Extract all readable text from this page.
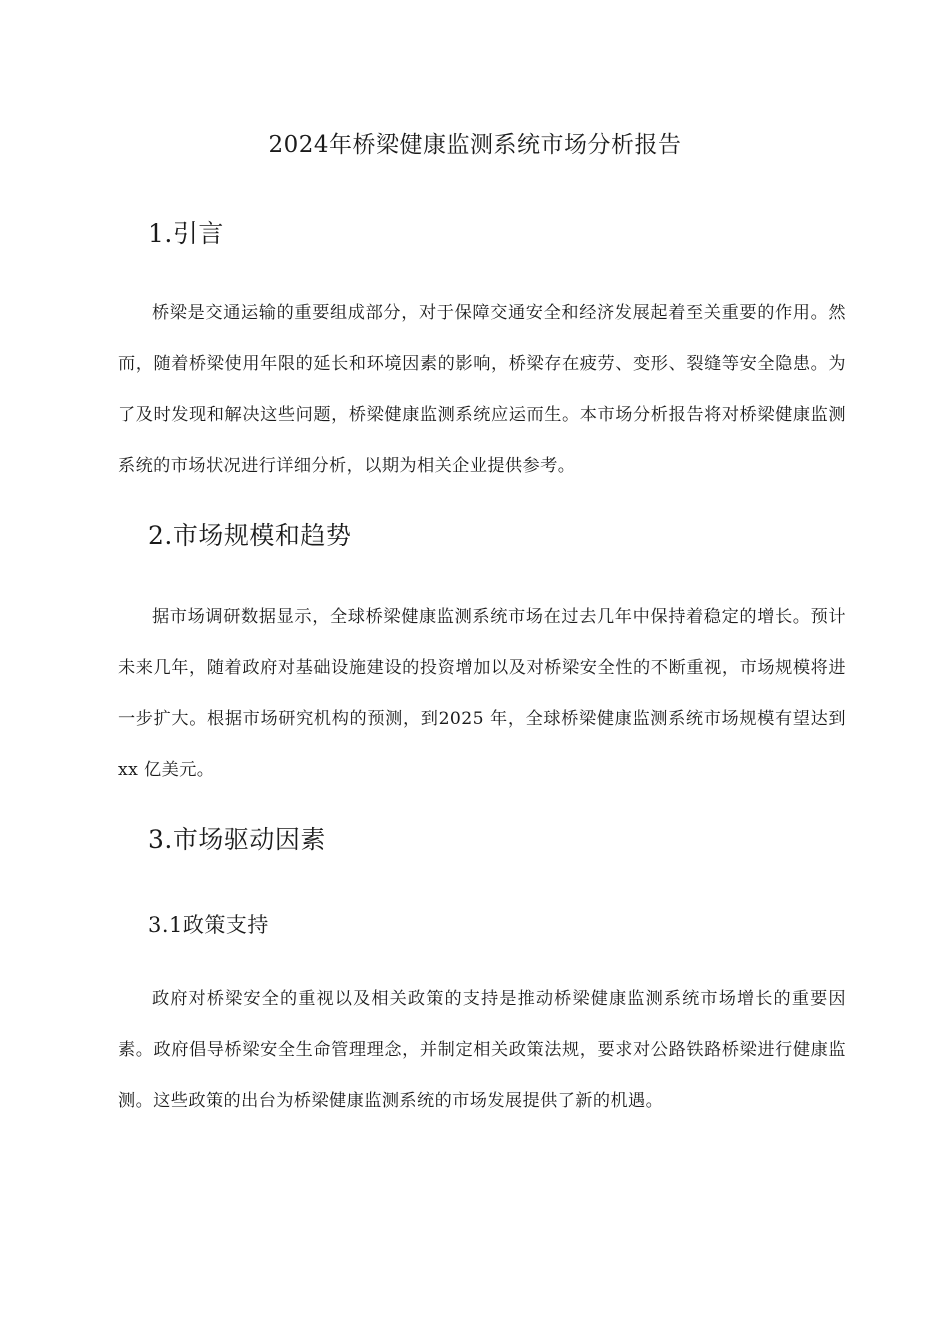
2024年桥梁健康监测系统市场分析报告
1.引言

桥梁是交通运输的重要组成部分，对于保障交通安全和经济发展起着至关重要的作用。然而，随着桥梁使用年限的延长和环境因素的影响，桥梁存在疲劳、变形、裂缝等安全隐患。为了及时发现和解决这些问题，桥梁健康监测系统应运而生。本市场分析报告将对桥梁健康监测系统的市场状况进行详细分析，以期为相关企业提供参考。

2.市场规模和趋势

据市场调研数据显示，全球桥梁健康监测系统市场在过去几年中保持着稳定的增长。预计未来几年，随着政府对基础设施建设的投资增加以及对桥梁安全性的不断重视，市场规模将进一步扩大。根据市场研究机构的预测，到2025 年，全球桥梁健康监测系统市场规模有望达到xx 亿美元。

3.市场驱动因素
3.1政策支持

政府对桥梁安全的重视以及相关政策的支持是推动桥梁健康监测系统市场增长的重要因素。政府倡导桥梁安全生命管理理念，并制定相关政策法规，要求对公路铁路桥梁进行健康监测。这些政策的出台为桥梁健康监测系统的市场发展提供了新的机遇。
